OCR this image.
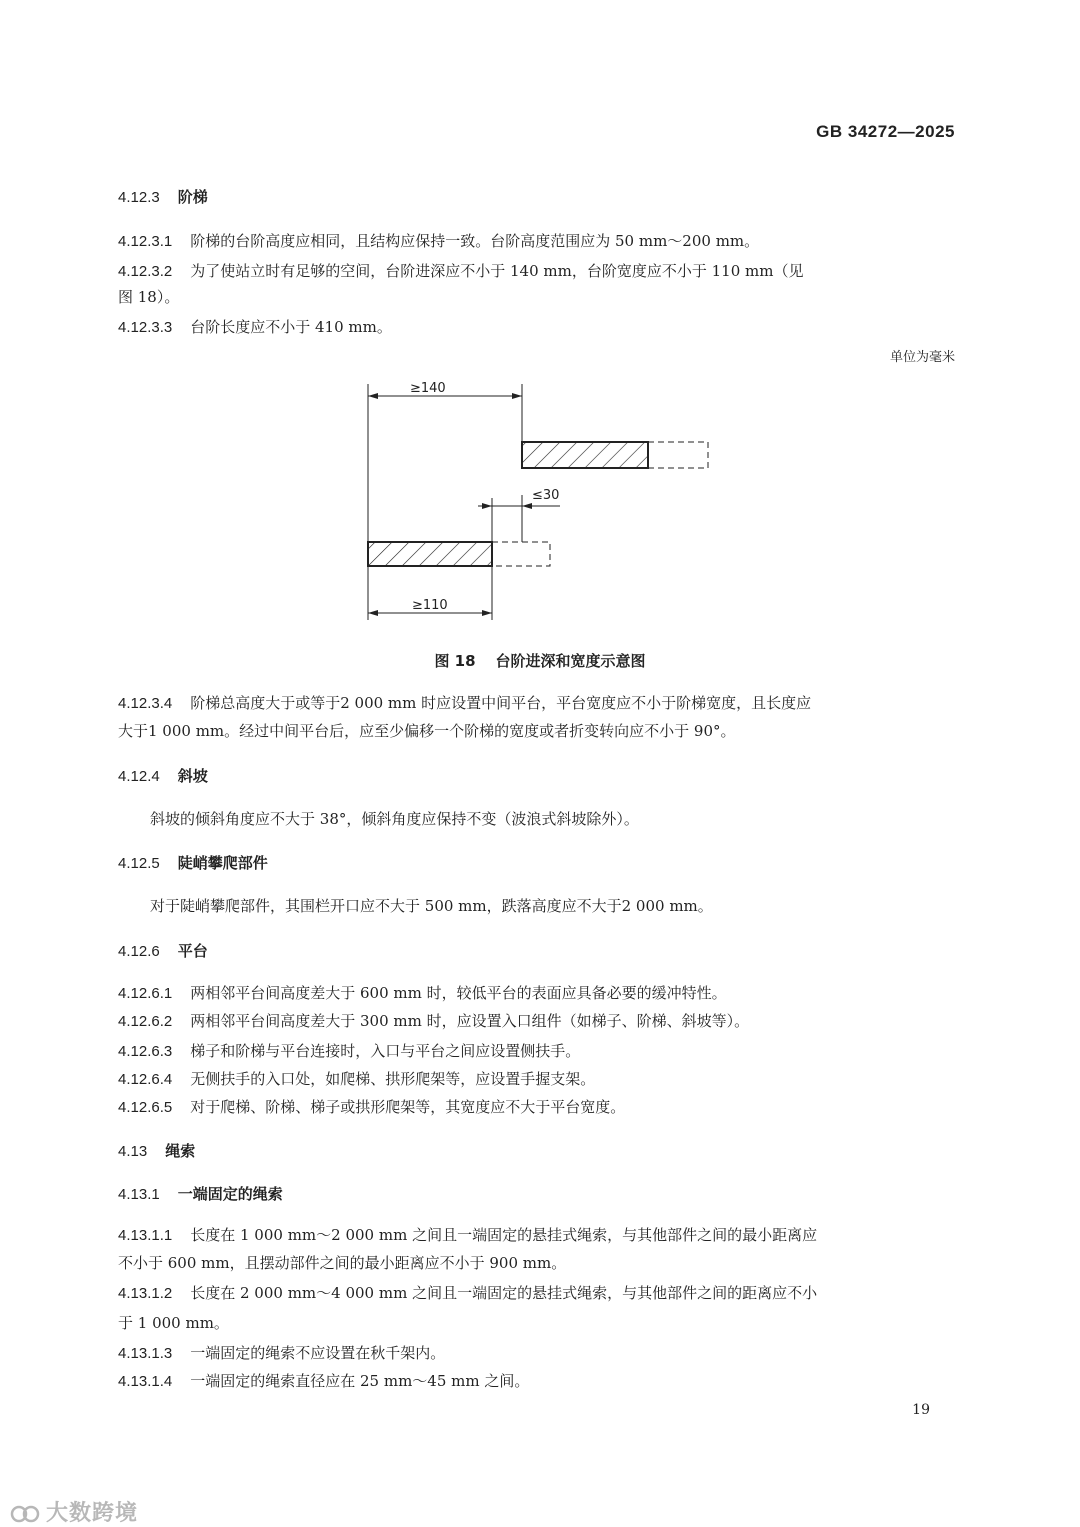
GB 34272—2025
4.12.3 阶梯
4.12.3.1 阶梯的台阶高度应相同，且结构应保持一致。台阶高度范围应为 50 mm～200 mm。
4.12.3.2 为了使站立时有足够的空间，台阶进深应不小于 140 mm，台阶宽度应不小于 110 mm（见
图 18）。
4.12.3.3 台阶长度应不小于 410 mm。
单位为毫米
≥140
≤30
≥110
图 18 台阶进深和宽度示意图
4.12.3.4 阶梯总高度大于或等于2 000 mm 时应设置中间平台，平台宽度应不小于阶梯宽度，且长度应
大于1 000 mm。经过中间平台后，应至少偏移一个阶梯的宽度或者折变转向应不小于 90°。
4.12.4 斜坡
斜坡的倾斜角度应不大于 38°，倾斜角度应保持不变（波浪式斜坡除外）。
4.12.5 陡峭攀爬部件
对于陡峭攀爬部件，其围栏开口应不大于 500 mm，跌落高度应不大于2 000 mm。
4.12.6 平台
4.12.6.1 两相邻平台间高度差大于 600 mm 时，较低平台的表面应具备必要的缓冲特性。
4.12.6.2 两相邻平台间高度差大于 300 mm 时，应设置入口组件（如梯子、阶梯、斜坡等）。
4.12.6.3 梯子和阶梯与平台连接时，入口与平台之间应设置侧扶手。
4.12.6.4 无侧扶手的入口处，如爬梯、拱形爬架等，应设置手握支架。
4.12.6.5 对于爬梯、阶梯、梯子或拱形爬架等，其宽度应不大于平台宽度。
4.13 绳索
4.13.1 一端固定的绳索
4.13.1.1 长度在 1 000 mm～2 000 mm 之间且一端固定的悬挂式绳索，与其他部件之间的最小距离应
不小于 600 mm，且摆动部件之间的最小距离应不小于 900 mm。
4.13.1.2 长度在 2 000 mm～4 000 mm 之间且一端固定的悬挂式绳索，与其他部件之间的距离应不小
于 1 000 mm。
4.13.1.3 一端固定的绳索不应设置在秋千架内。
4.13.1.4 一端固定的绳索直径应在 25 mm～45 mm 之间。
19
大数跨境
